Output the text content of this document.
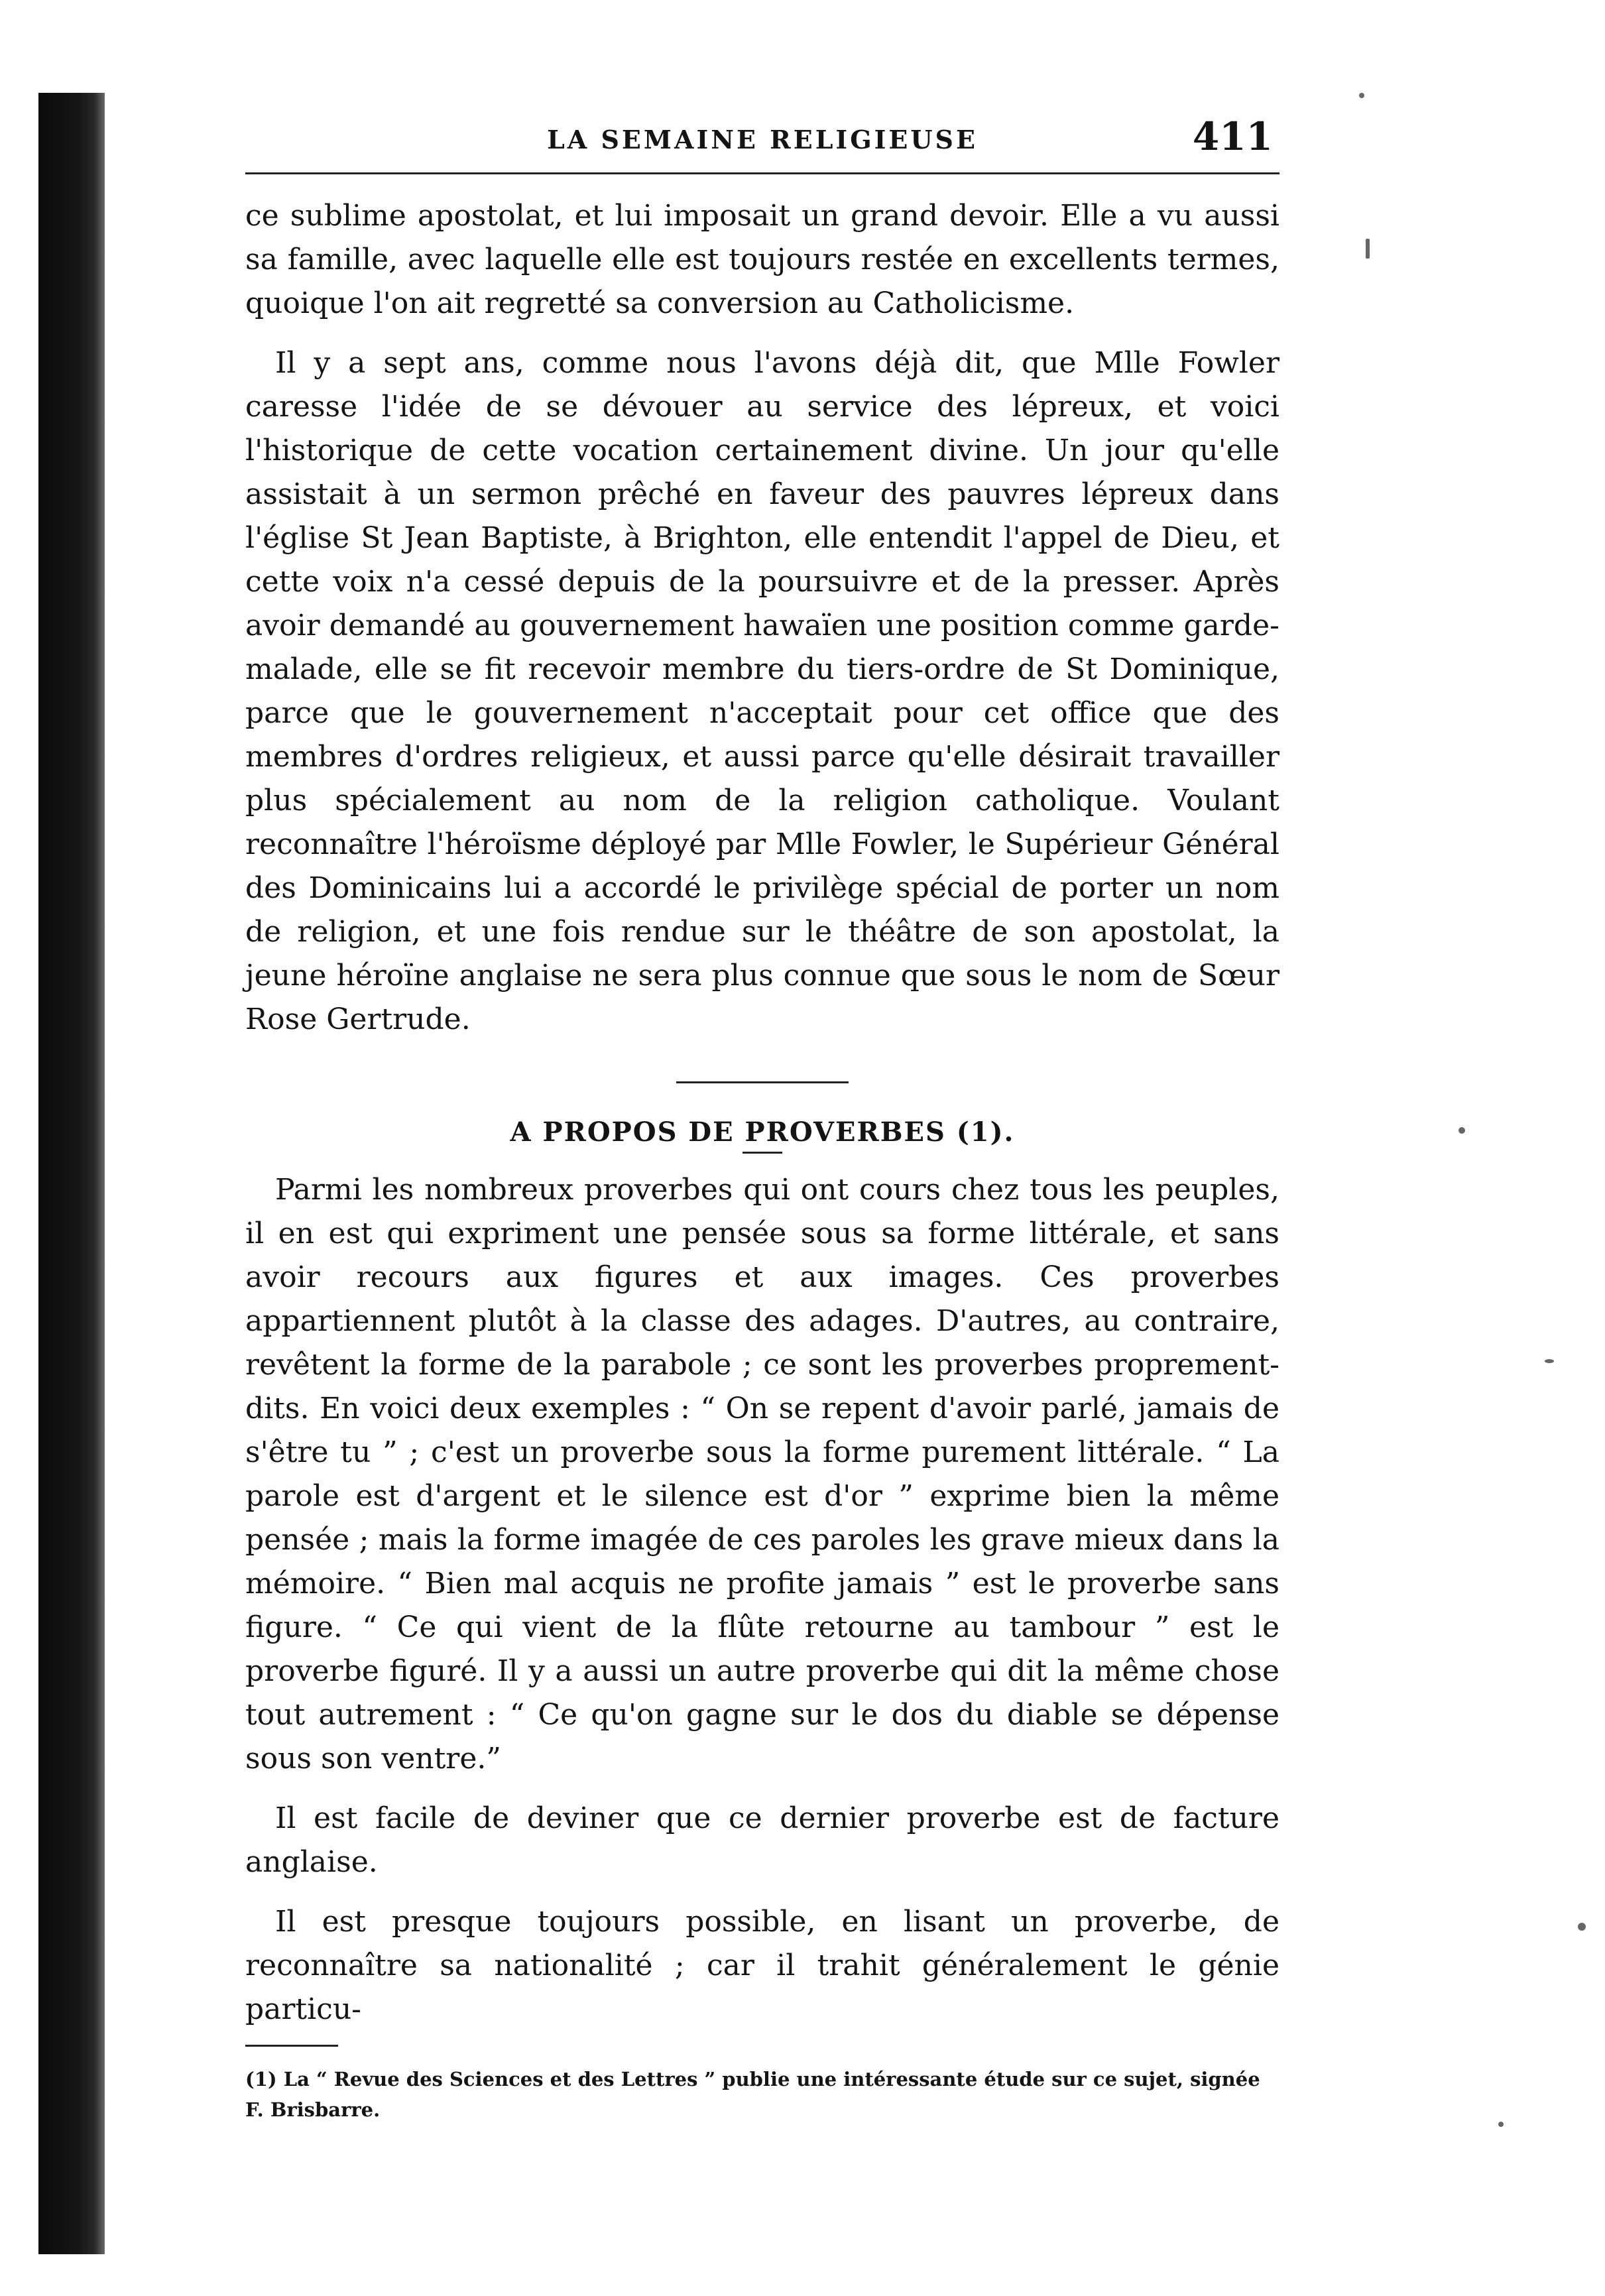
LA SEMAINE RELIGIEUSE	411

ce sublime apostolat, et lui imposait un grand devoir. Elle a vu aussi sa famille, avec laquelle elle est toujours restée en excellents termes, quoique l'on ait regretté sa conversion au Catholicisme.

Il y a sept ans, comme nous l'avons déjà dit, que Mlle Fowler caresse l'idée de se dévouer au service des lépreux, et voici l'historique de cette vocation certainement divine. Un jour qu'elle assistait à un sermon prêché en faveur des pauvres lépreux dans l'église St Jean Baptiste, à Brighton, elle entendit l'appel de Dieu, et cette voix n'a cessé depuis de la poursuivre et de la presser. Après avoir demandé au gouvernement hawaïen une position comme garde-malade, elle se fit recevoir membre du tiers-ordre de St Dominique, parce que le gouvernement n'acceptait pour cet office que des membres d'ordres religieux, et aussi parce qu'elle désirait travailler plus spécialement au nom de la religion catholique. Voulant reconnaître l'héroïsme déployé par Mlle Fowler, le Supérieur Général des Dominicains lui a accordé le privilège spécial de porter un nom de religion, et une fois rendue sur le théâtre de son apostolat, la jeune héroïne anglaise ne sera plus connue que sous le nom de Sœur Rose Gertrude.

A PROPOS DE PROVERBES (1).

Parmi les nombreux proverbes qui ont cours chez tous les peuples, il en est qui expriment une pensée sous sa forme littérale, et sans avoir recours aux figures et aux images. Ces proverbes appartiennent plutôt à la classe des adages. D'autres, au contraire, revêtent la forme de la parabole ; ce sont les proverbes proprement-dits. En voici deux exemples : “ On se repent d'avoir parlé, jamais de s'être tu ” ; c'est un proverbe sous la forme purement littérale. “ La parole est d'argent et le silence est d'or ” exprime bien la même pensée ; mais la forme imagée de ces paroles les grave mieux dans la mémoire. “ Bien mal acquis ne profite jamais ” est le proverbe sans figure. “ Ce qui vient de la flûte retourne au tambour ” est le proverbe figuré. Il y a aussi un autre proverbe qui dit la même chose tout autrement : “ Ce qu'on gagne sur le dos du diable se dépense sous son ventre.”

Il est facile de deviner que ce dernier proverbe est de facture anglaise.

Il est presque toujours possible, en lisant un proverbe, de reconnaître sa nationalité ; car il trahit généralement le génie particu-

(1) La “ Revue des Sciences et des Lettres ” publie une intéressante étude sur ce sujet, signée F. Brisbarre.
